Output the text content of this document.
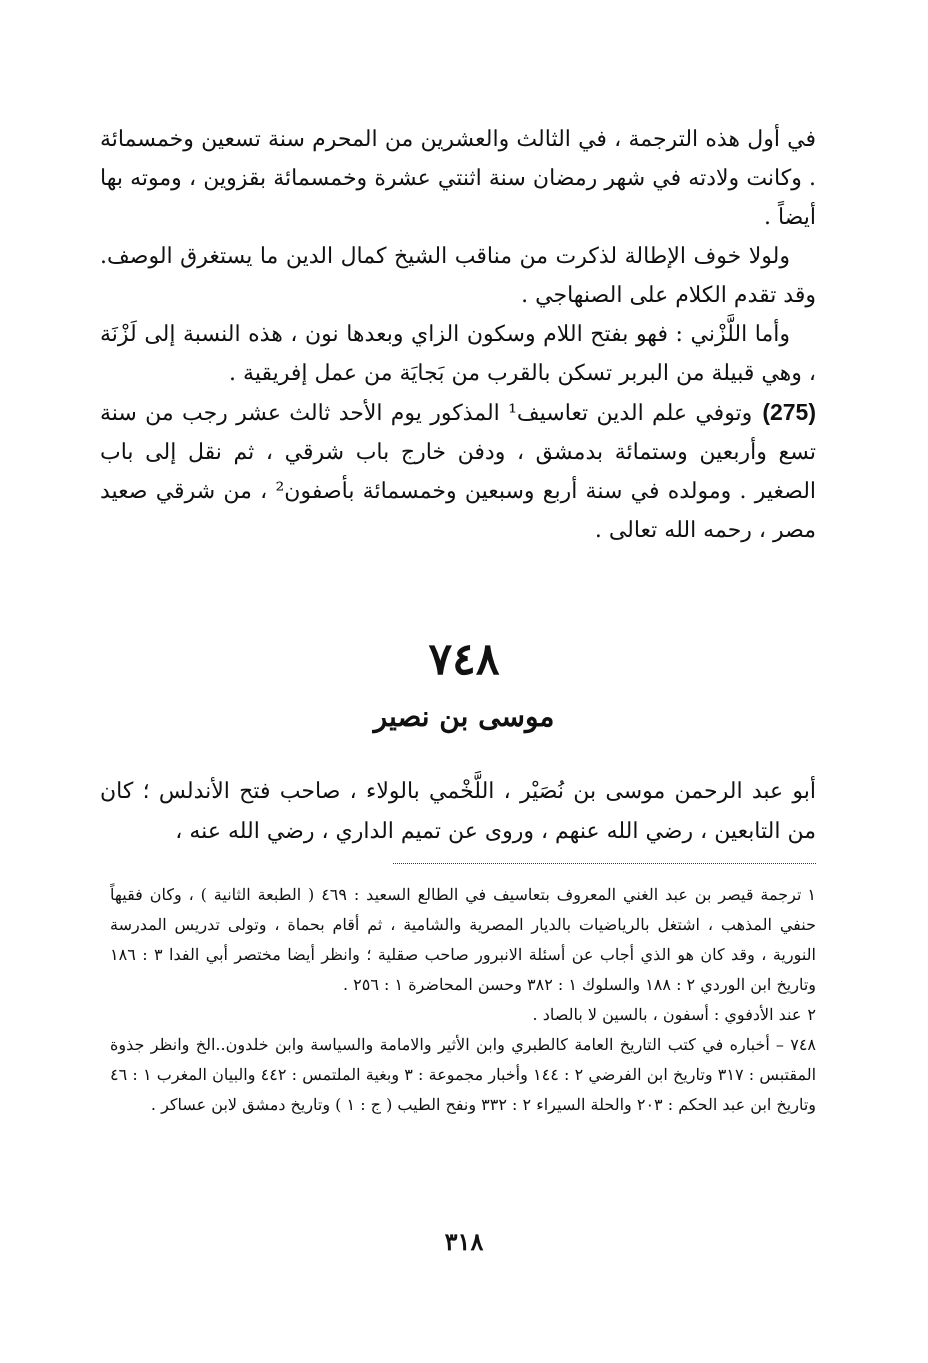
في أول هذه الترجمة ، في الثالث والعشرين من المحرم سنة تسعين وخمسمائة . وكانت ولادته في شهر رمضان سنة اثنتي عشرة وخمسمائة بقزوين ، وموته بها أيضاً .

ولولا خوف الإطالة لذكرت من مناقب الشيخ كمال الدين ما يستغرق الوصف. وقد تقدم الكلام على الصنهاجي .

وأما اللَّزْني : فهو بفتح اللام وسكون الزاي وبعدها نون ، هذه النسبة إلى لَزْنَة ، وهي قبيلة من البربر تسكن بالقرب من بَجايَة من عمل إفريقية .

(275)وتوفي علم الدين تعاسيف¹ المذكور يوم الأحد ثالث عشر رجب من سنة تسع وأربعين وستمائة بدمشق ، ودفن خارج باب شرقي ، ثم نقل إلى باب الصغير . ومولده في سنة أربع وسبعين وخمسمائة بأصفون² ، من شرقي صعيد مصر ، رحمه الله تعالى .

٧٤٨
موسى بن نصير

أبو عبد الرحمن موسى بن نُصَيْر ، اللَّخْمي بالولاء ، صاحب فتح الأندلس ؛ كان من التابعين ، رضي الله عنهم ، وروى عن تميم الداري ، رضي الله عنه ،

١ترجمة قيصر بن عبد الغني المعروف بتعاسيف في الطالع السعيد : ٤٦٩ ( الطبعة الثانية ) ، وكان فقيهاً حنفي المذهب ، اشتغل بالرياضيات بالديار المصرية والشامية ، ثم أقام بحماة ، وتولى تدريس المدرسة النورية ، وقد كان هو الذي أجاب عن أسئلة الانبرور صاحب صقلية ؛ وانظر أيضا مختصر أبي الفدا ٣ : ١٨٦ وتاريخ ابن الوردي ٢ : ١٨٨ والسلوك ١ : ٣٨٢ وحسن المحاضرة ١ : ٢٥٦ .

٢عند الأدفوي : أسفون ، بالسين لا بالصاد .

٧٤٨ –أخباره في كتب التاريخ العامة كالطبري وابن الأثير والامامة والسياسة وابن خلدون..الخ وانظر جذوة المقتبس : ٣١٧ وتاريخ ابن الفرضي ٢ : ١٤٤ وأخبار مجموعة : ٣ وبغية الملتمس : ٤٤٢ والبيان المغرب ١ : ٤٦ وتاريخ ابن عبد الحكم : ٢٠٣ والحلة السيراء ٢ : ٣٣٢ ونفح الطيب ( ج : ١ ) وتاريخ دمشق لابن عساكر .

٣١٨
